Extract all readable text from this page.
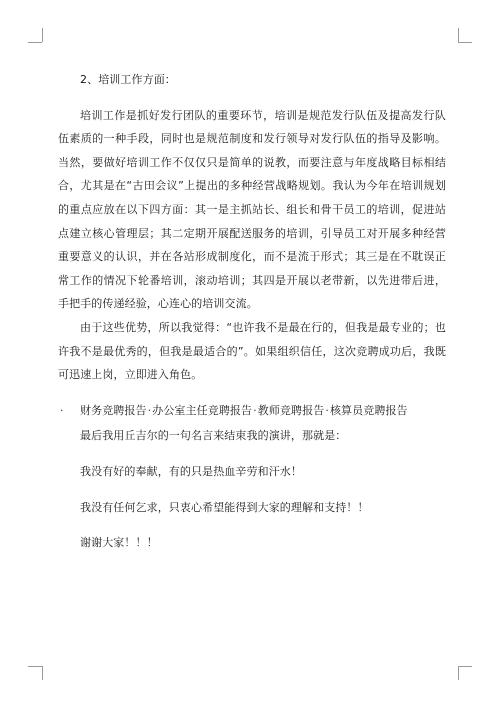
2、培训工作方面：

培训工作是抓好发行团队的重要环节，培训是规范发行队伍及提高发行队伍素质的一种手段，同时也是规范制度和发行领导对发行队伍的指导及影响。当然，要做好培训工作不仅仅只是简单的说教，而要注意与年度战略目标相结合，尤其是在“古田会议”上提出的多种经营战略规划。我认为今年在培训规划的重点应放在以下四方面：其一是主抓站长、组长和骨干员工的培训，促进站点建立核心管理层；其二定期开展配送服务的培训，引导员工对开展多种经营重要意义的认识，并在各站形成制度化，而不是流于形式；其三是在不耽误正常工作的情况下轮番培训，滚动培训；其四是开展以老带新，以先进带后进，手把手的传递经验，心连心的培训交流。

由于这些优势，所以我觉得：“也许我不是最在行的，但我是最专业的；也许我不是最优秀的，但我是最适合的”。如果组织信任，这次竞聘成功后，我既可迅速上岗，立即进入角色。

·	财务竞聘报告 · 办公室主任竞聘报告 · 教师竞聘报告 · 核算员竞聘报告

最后我用丘吉尔的一句名言来结束我的演讲，那就是：

我没有好的奉献，有的只是热血辛劳和汗水！

我没有任何乞求，只衷心希望能得到大家的理解和支持！！

谢谢大家！！！
